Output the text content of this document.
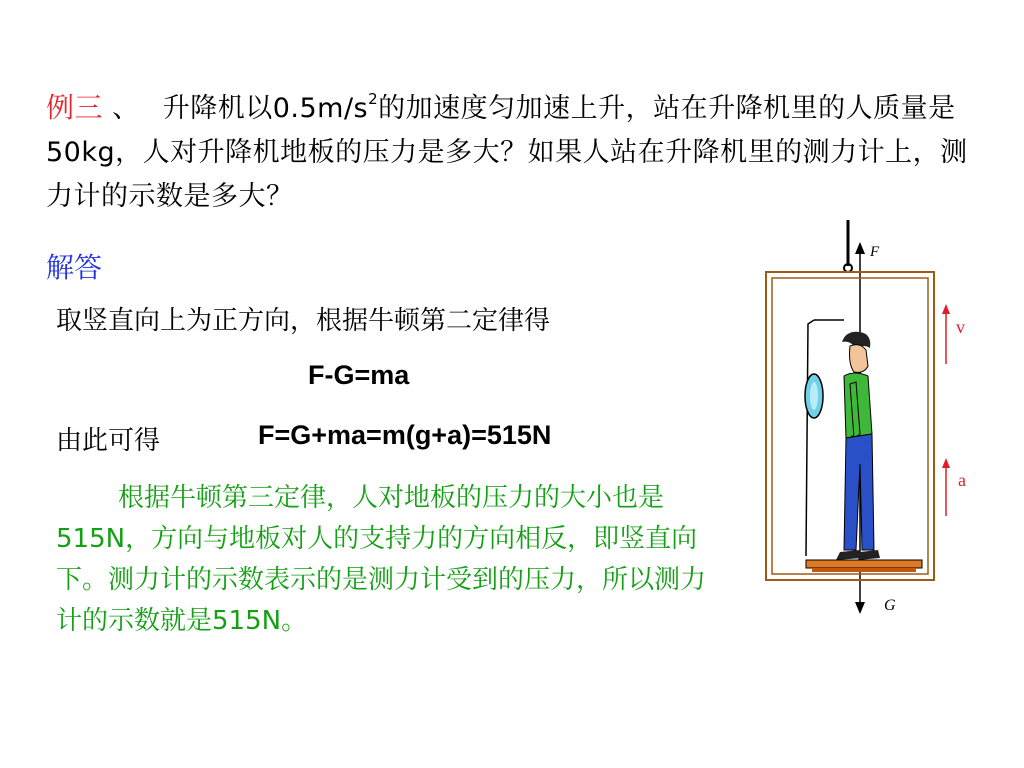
例三 、 升降机以$0.5m/s^2$的加速度匀加速上升，站在升降机里的人质量是50kg，人对升降机地板的压力是多大？如果人站在升降机里的测力计上，测力计的示数是多大？
解答
取竖直向上为正方向，根据牛顿第二定律得
F-G=ma
由此可得	F=G+ma=m(g+a)=515N
根据牛顿第三定律，人对地板的压力的大小也是515N，方向与地板对人的支持力的方向相反，即竖直向下。测力计的示数表示的是测力计受到的压力，所以测力计的示数就是515N。
F
G
v
a
